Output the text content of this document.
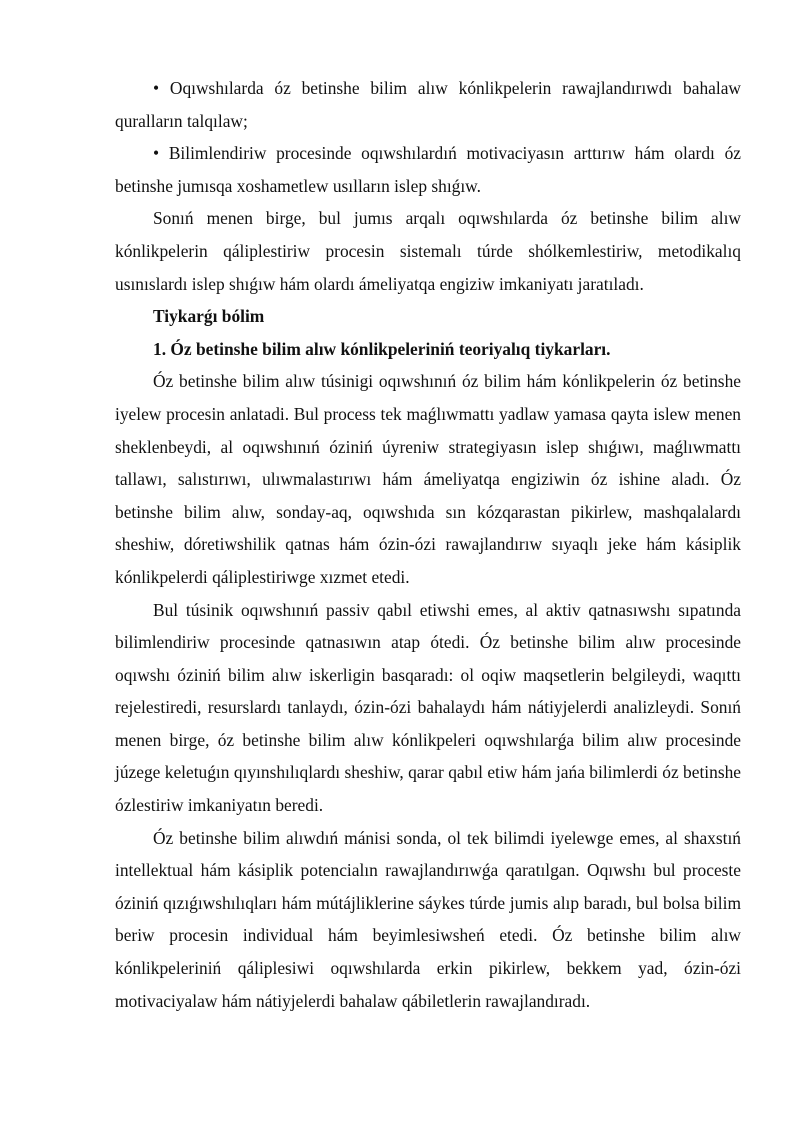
• Oqıwshılarda óz betinshe bilim alıw kónlikpelerin rawajlandırıwdı bahalaw quralların talqılaw;

• Bilimlendiriw procesinde oqıwshılardıń motivaciyasın arttırıw hám olardı óz betinshe jumısqa xoshametlew usılların islep shıǵıw.

Sonıń menen birge, bul jumıs arqalı oqıwshılarda óz betinshe bilim alıw kónlikpelerin qáliplestiriw procesin sistemalı túrde shólkemlestiriw, metodikalıq usınıslardı islep shıǵıw hám olardı ámeliyatqa engiziw imkaniyatı jaratıladı.

Tiykarǵı bólim

1. Óz betinshe bilim alıw kónlikpeleriniń teoriyalıq tiykarları.

Óz betinshe bilim alıw túsinigi oqıwshınıń óz bilim hám kónlikpelerin óz betinshe iyelew procesin anlatadi. Bul process tek maǵlıwmattı yadlaw yamasa qayta islew menen sheklenbeydi, al oqıwshınıń óziniń úyreniw strategiyasın islep shıǵıwı, maǵlıwmattı tallawı, salıstırıwı, ulıwmalastırıwı hám ámeliyatqa engiziwin óz ishine aladı. Óz betinshe bilim alıw, sonday-aq, oqıwshıda sın kózqarastan pikirlew, mashqalalardı sheshiw, dóretiwshilik qatnas hám ózin-ózi rawajlandırıw sıyaqlı jeke hám kásiplik kónlikpelerdi qáliplestiriwge xızmet etedi.

Bul túsinik oqıwshınıń passiv qabıl etiwshi emes, al aktiv qatnasıwshı sıpatında bilimlendiriw procesinde qatnasıwın atap ótedi. Óz betinshe bilim alıw procesinde oqıwshı óziniń bilim alıw iskerligin basqaradı: ol oqiw maqsetlerin belgileydi, waqıttı rejelestiredi, resurslardı tanlaydı, ózin-ózi bahalaydı hám nátiyjelerdi analizleydi. Sonıń menen birge, óz betinshe bilim alıw kónlikpeleri oqıwshılarǵa bilim alıw procesinde júzege keletuǵın qıyınshılıqlardı sheshiw, qarar qabıl etiw hám jańa bilimlerdi óz betinshe ózlestiriw imkaniyatın beredi.

Óz betinshe bilim alıwdıń mánisi sonda, ol tek bilimdi iyelewge emes, al shaxstıń intellektual hám kásiplik potencialın rawajlandırıwǵa qaratılgan. Oqıwshı bul proceste óziniń qızıǵıwshılıqları hám mútájliklerine sáykes túrde jumis alıp baradı, bul bolsa bilim beriw procesin individual hám beyimlesiwsheń etedi. Óz betinshe bilim alıw kónlikpeleriniń qáliplesiwi oqıwshılarda erkin pikirlew, bekkem yad, ózin-ózi motivaciyalaw hám nátiyjelerdi bahalaw qábiletlerin rawajlandıradı.
